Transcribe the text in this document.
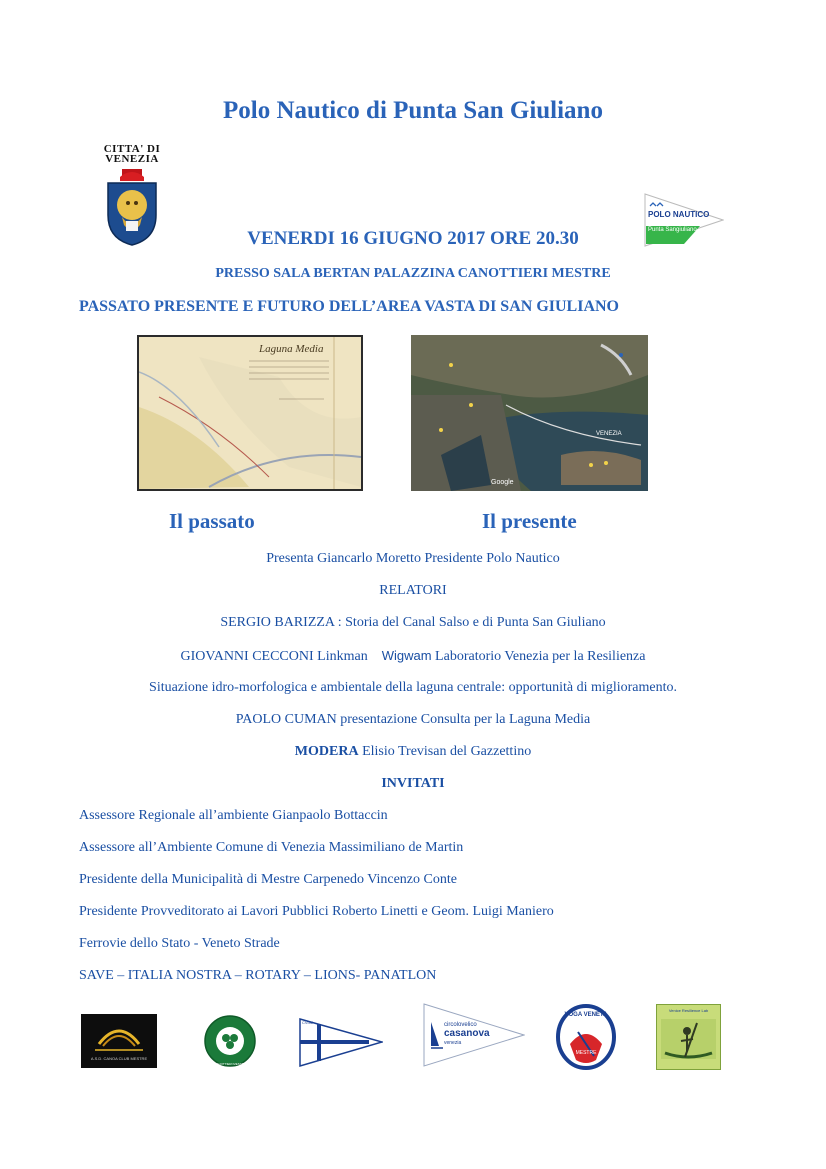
Polo Nautico di Punta San Giuliano
CITTA' DI
VENEZIA
POLO NAUTICO
Punta Sangiuliano
VENERDI 16 GIUGNO 2017 ORE 20.30
PRESSO SALA BERTAN PALAZZINA CANOTTIERI MESTRE
PASSATO PRESENTE E FUTURO DELL’AREA VASTA DI SAN GIULIANO
Laguna Media
VENEZIA
Google
Il passato	Il presente
Presenta Giancarlo Moretto Presidente Polo Nautico
RELATORI
SERGIO BARIZZA : Storia del Canal Salso e di Punta San Giuliano
GIOVANNI CECCONI Linkman Wigwam Laboratorio Venezia per la Resilienza
Situazione idro-morfologica e ambientale della laguna centrale: opportunità di miglioramento.
PAOLO CUMAN presentazione Consulta per la Laguna Media
MODERA Elisio Trevisan del Gazzettino
INVITATI
Assessore Regionale all’ambiente Gianpaolo Bottaccin
Assessore all’Ambiente Comune di Venezia Massimiliano de Martin
Presidente della Municipalità di Mestre Carpenedo Vincenzo Conte
Presidente Provveditorato ai Lavori Pubblici Roberto Linetti e Geom. Luigi Maniero
Ferrovie dello Stato - Veneto Strade
SAVE – ITALIA NOSTRA – ROTARY – LIONS- PANATLON
A.S.D. CANOA CLUB MESTRE
CANOTTIERI MESTRE
CVdM	circolovelico
casanova
venezia
VOGA VENETA
MESTRE
Venice Resilience Lab
